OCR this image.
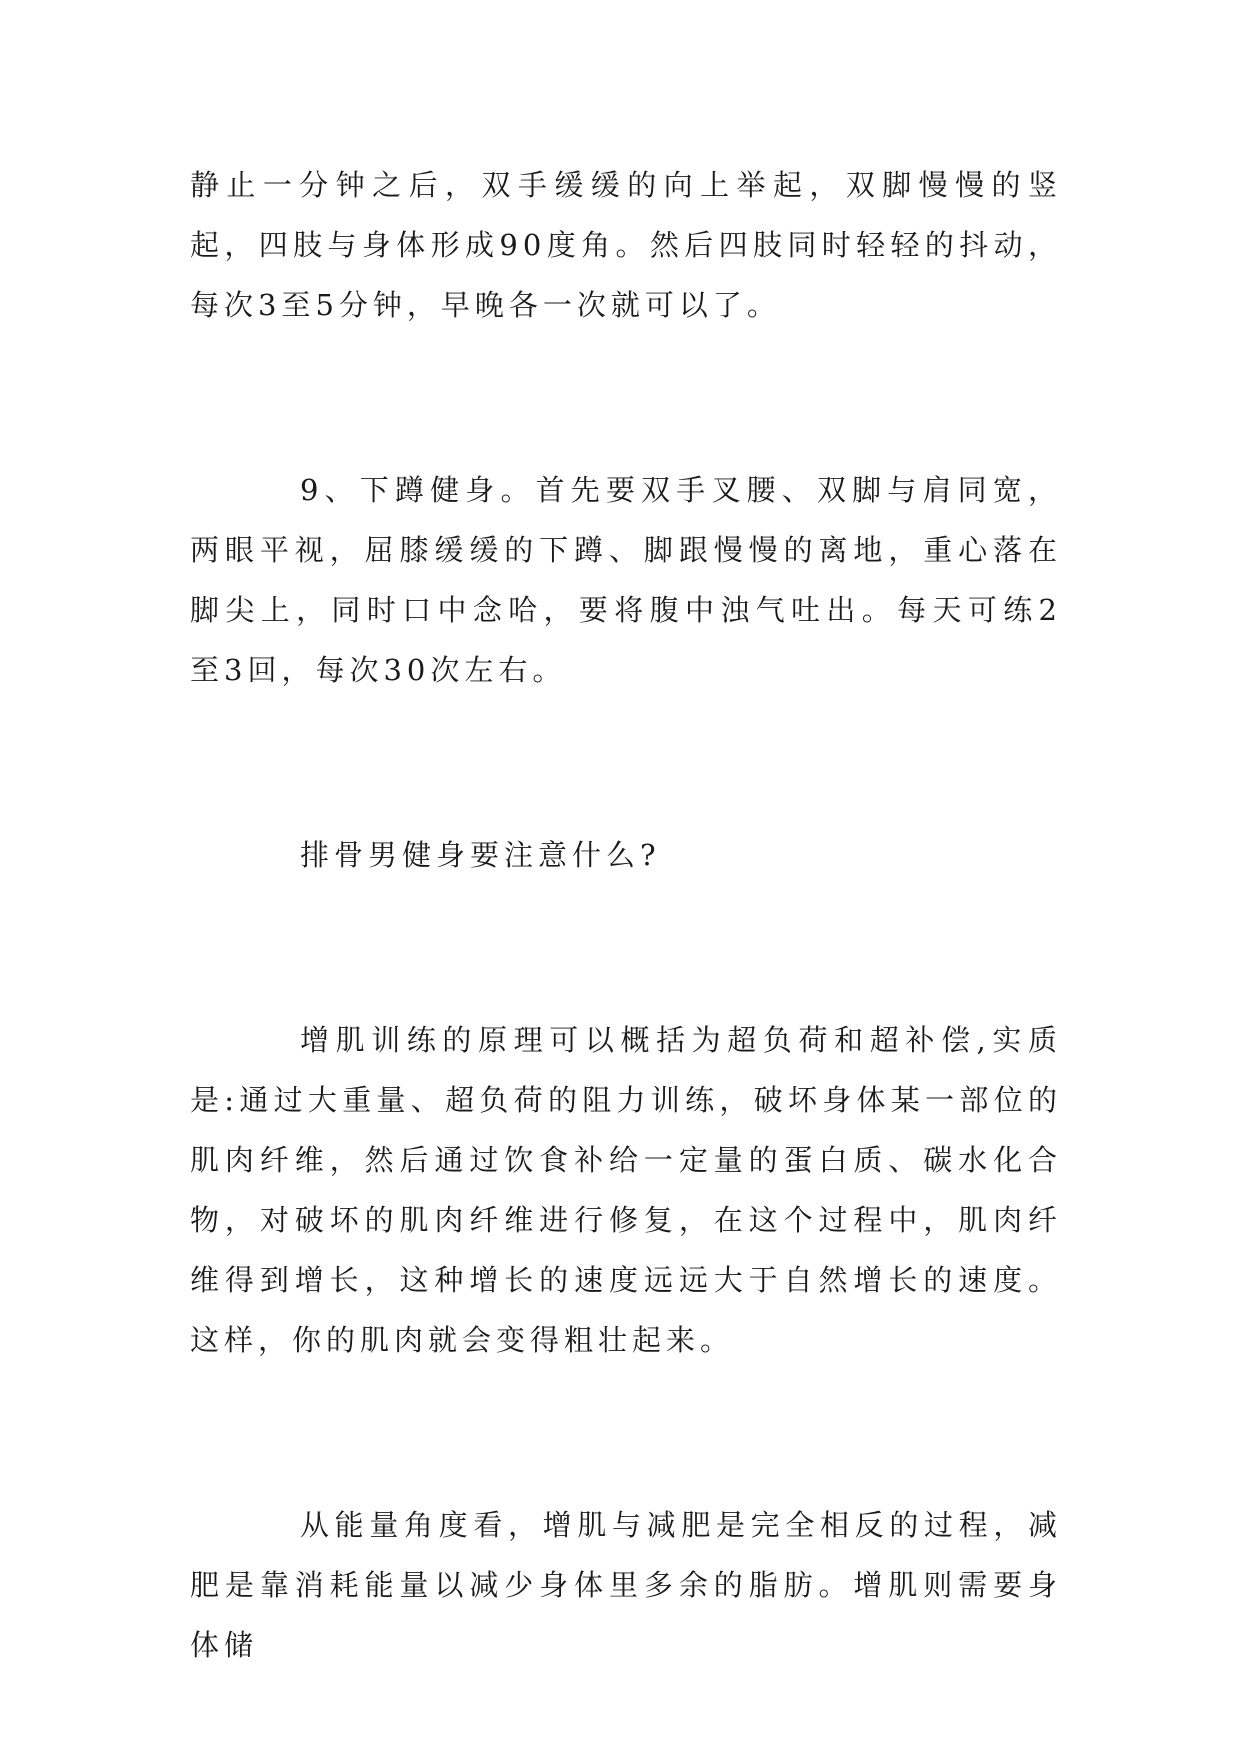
静止一分钟之后，双手缓缓的向上举起，双脚慢慢的竖起，四肢与身体形成90度角。然后四肢同时轻轻的抖动，每次3至5分钟，早晚各一次就可以了。

9、下蹲健身。首先要双手叉腰、双脚与肩同宽，两眼平视，屈膝缓缓的下蹲、脚跟慢慢的离地，重心落在脚尖上，同时口中念哈，要将腹中浊气吐出。每天可练2至3回，每次30次左右。

排骨男健身要注意什么?

增肌训练的原理可以概括为超负荷和超补偿,实质是:通过大重量、超负荷的阻力训练，破坏身体某一部位的肌肉纤维，然后通过饮食补给一定量的蛋白质、碳水化合物，对破坏的肌肉纤维进行修复，在这个过程中，肌肉纤维得到增长，这种增长的速度远远大于自然增长的速度。这样，你的肌肉就会变得粗壮起来。

从能量角度看，增肌与减肥是完全相反的过程，减肥是靠消耗能量以减少身体里多余的脂肪。增肌则需要身体储
